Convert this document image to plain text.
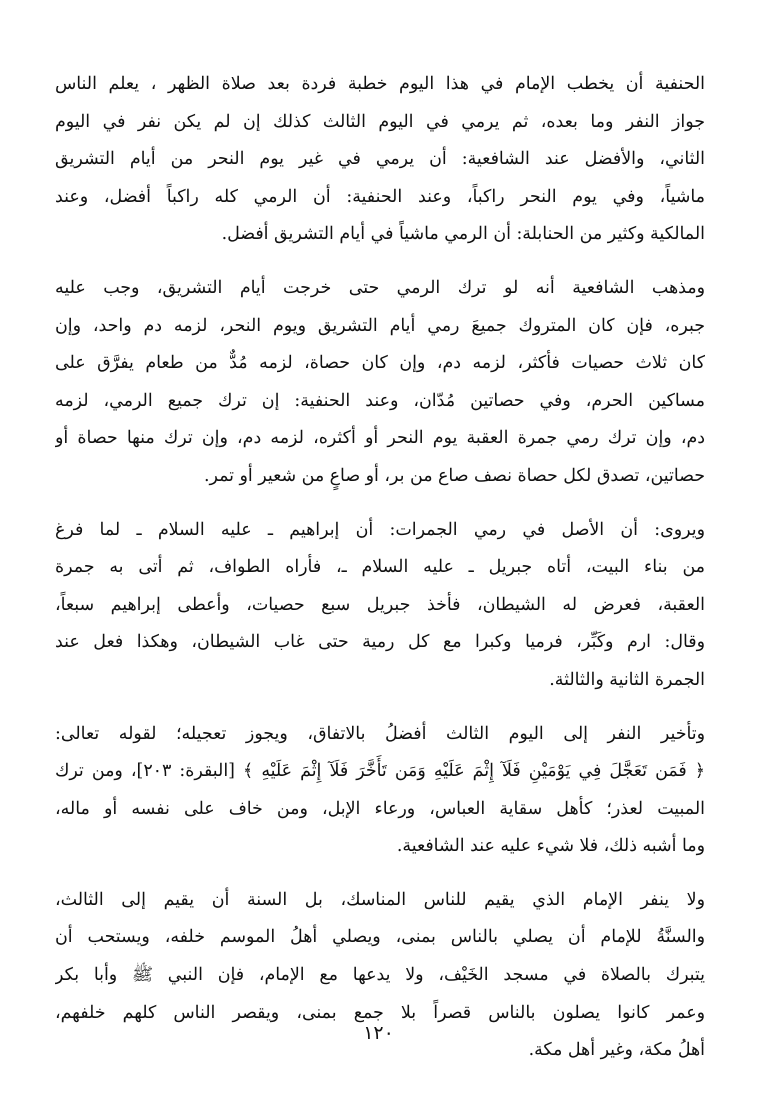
الحنفية أن يخطب الإمام في هذا اليوم خطبة فردة بعد صلاة الظهر ، يعلم الناس
جواز النفر وما بعده، ثم يرمي في اليوم الثالث كذلك إن لم يكن نفر في اليوم
الثاني، والأفضل عند الشافعية: أن يرمي في غير يوم النحر من أيام التشريق
ماشياً، وفي يوم النحر راكباً، وعند الحنفية: أن الرمي كله راكباً أفضل، وعند
المالكية وكثير من الحنابلة: أن الرمي ماشياً في أيام التشريق أفضل.

ومذهب الشافعية أنه لو ترك الرمي حتى خرجت أيام التشريق، وجب عليه
جبره، فإن كان المتروك جميعَ رمي أيام التشريق ويوم النحر، لزمه دم واحد، وإن
كان ثلاث حصيات فأكثر، لزمه دم، وإن كان حصاة، لزمه مُدٌّ من طعام يفرَّق على
مساكين الحرم، وفي حصاتين مُدّان، وعند الحنفية: إن ترك جميع الرمي، لزمه
دم، وإن ترك رمي جمرة العقبة يوم النحر أو أكثره، لزمه دم، وإن ترك منها حصاة أو
حصاتين، تصدق لكل حصاة نصف صاع من بر، أو صاعٍ من شعير أو تمر.

ويروى: أن الأصل في رمي الجمرات: أن إبراهيم ـ عليه السلام ـ لما فرغ
من بناء البيت، أتاه جبريل ـ عليه السلام ـ، فأراه الطواف، ثم أتى به جمرة
العقبة، فعرض له الشيطان، فأخذ جبريل سبع حصيات، وأعطى إبراهيم سبعاً،
وقال: ارم وكَبِّر، فرميا وكبرا مع كل رمية حتى غاب الشيطان، وهكذا فعل عند
الجمرة الثانية والثالثة.

وتأخير النفر إلى اليوم الثالث أفضلُ بالاتفاق، ويجوز تعجيله؛ لقوله تعالى:
﴿ فَمَن تَعَجَّلَ فِي يَوْمَيْنِ فَلَآ إِثْمَ عَلَيْهِ وَمَن تَأَخَّرَ فَلَآ إِثْمَ عَلَيْهِ ﴾ [البقرة: ٢٠٣]، ومن ترك
المبيت لعذر؛ كأهل سقاية العباس، ورعاء الإبل، ومن خاف على نفسه أو ماله،
وما أشبه ذلك، فلا شيء عليه عند الشافعية.

ولا ينفر الإمام الذي يقيم للناس المناسك، بل السنة أن يقيم إلى الثالث،
والسنَّةُ للإمام أن يصلي بالناس بمنى، ويصلي أهلُ الموسم خلفه، ويستحب أن
يتبرك بالصلاة في مسجد الخَيْف، ولا يدعها مع الإمام، فإن النبي ﷺ وأبا بكر
وعمر كانوا يصلون بالناس قصراً بلا جمع بمنى، ويقصر الناس كلهم خلفهم،
أهلُ مكة، وغير أهل مكة.

١٢٠
